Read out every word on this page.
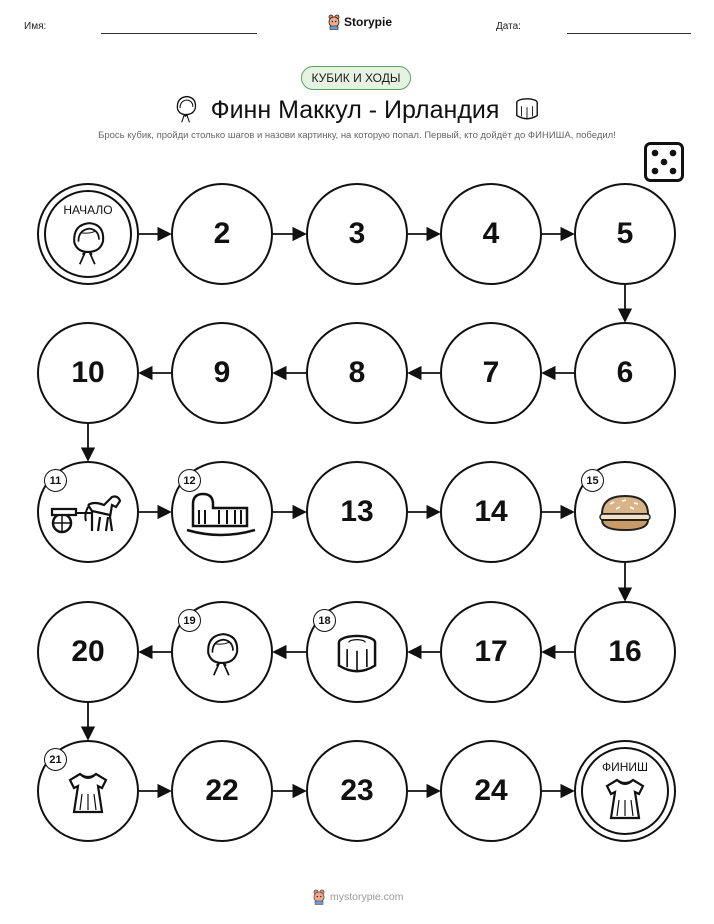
Имя:	Storypie	Дата:
КУБИК И ХОДЫ
Финн Маккул - Ирландия
Брось кубик, пройди столько шагов и назови картинку, на которую попал. Первый, кто дойдёт до ФИНИША, победил!
НАЧАЛО
2	3	4	5
6
7
8
9
10
11	12
13	14
15
16
17
18
19
20
21
22	23	24
ФИНИШ
mystorypie.com
